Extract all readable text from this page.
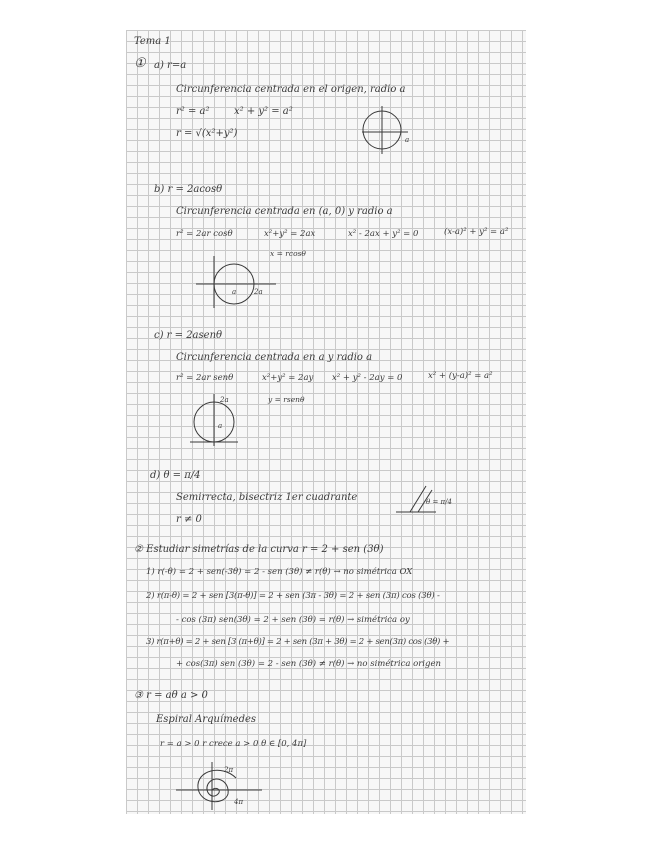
Tema 1
① a) r=a
Circunferencia centrada en el origen, radio a
r² = a² x² + y² = a²
r = √(x²+y²)
a
b) r = 2acosθ
Circunferencia centrada en (a, 0) y radio a
r² = 2ar cosθ	x²+y² = 2ax	x² - 2ax + y² = 0	(x-a)² + y² = a²
x = rcosθ
a	2a
c) r = 2asenθ
Circunferencia centrada en a y radio a
r² = 2ar senθ	x²+y² = 2ay x² + y² - 2ay = 0	x² + (y-a)² = a²
y = rsenθ
2a
a
d) θ = π/4
Semirrecta, bisectriz 1er cuadrante
r ≠ 0
θ = π/4
② Estudiar simetrías de la curva r = 2 + sen (3θ)
1) r(-θ) = 2 + sen(-3θ) = 2 - sen (3θ) ≠ r(θ) → no simétrica OX
2) r(π-θ) = 2 + sen [3(π-θ)] = 2 + sen (3π - 3θ) = 2 + sen (3π) cos (3θ) -
- cos (3π) sen(3θ) = 2 + sen (3θ) = r(θ) → simétrica oy
3) r(π+θ) = 2 + sen [3 (π+θ)] = 2 + sen (3π + 3θ) = 2 + sen(3π) cos (3θ) +
+ cos(3π) sen (3θ) = 2 - sen (3θ) ≠ r(θ) → no simétrica origen
③ r = aθ a > 0
Espiral Arquímedes
r = a > 0 r crece a > 0 θ ∈ [0, 4π]
2π
4π
